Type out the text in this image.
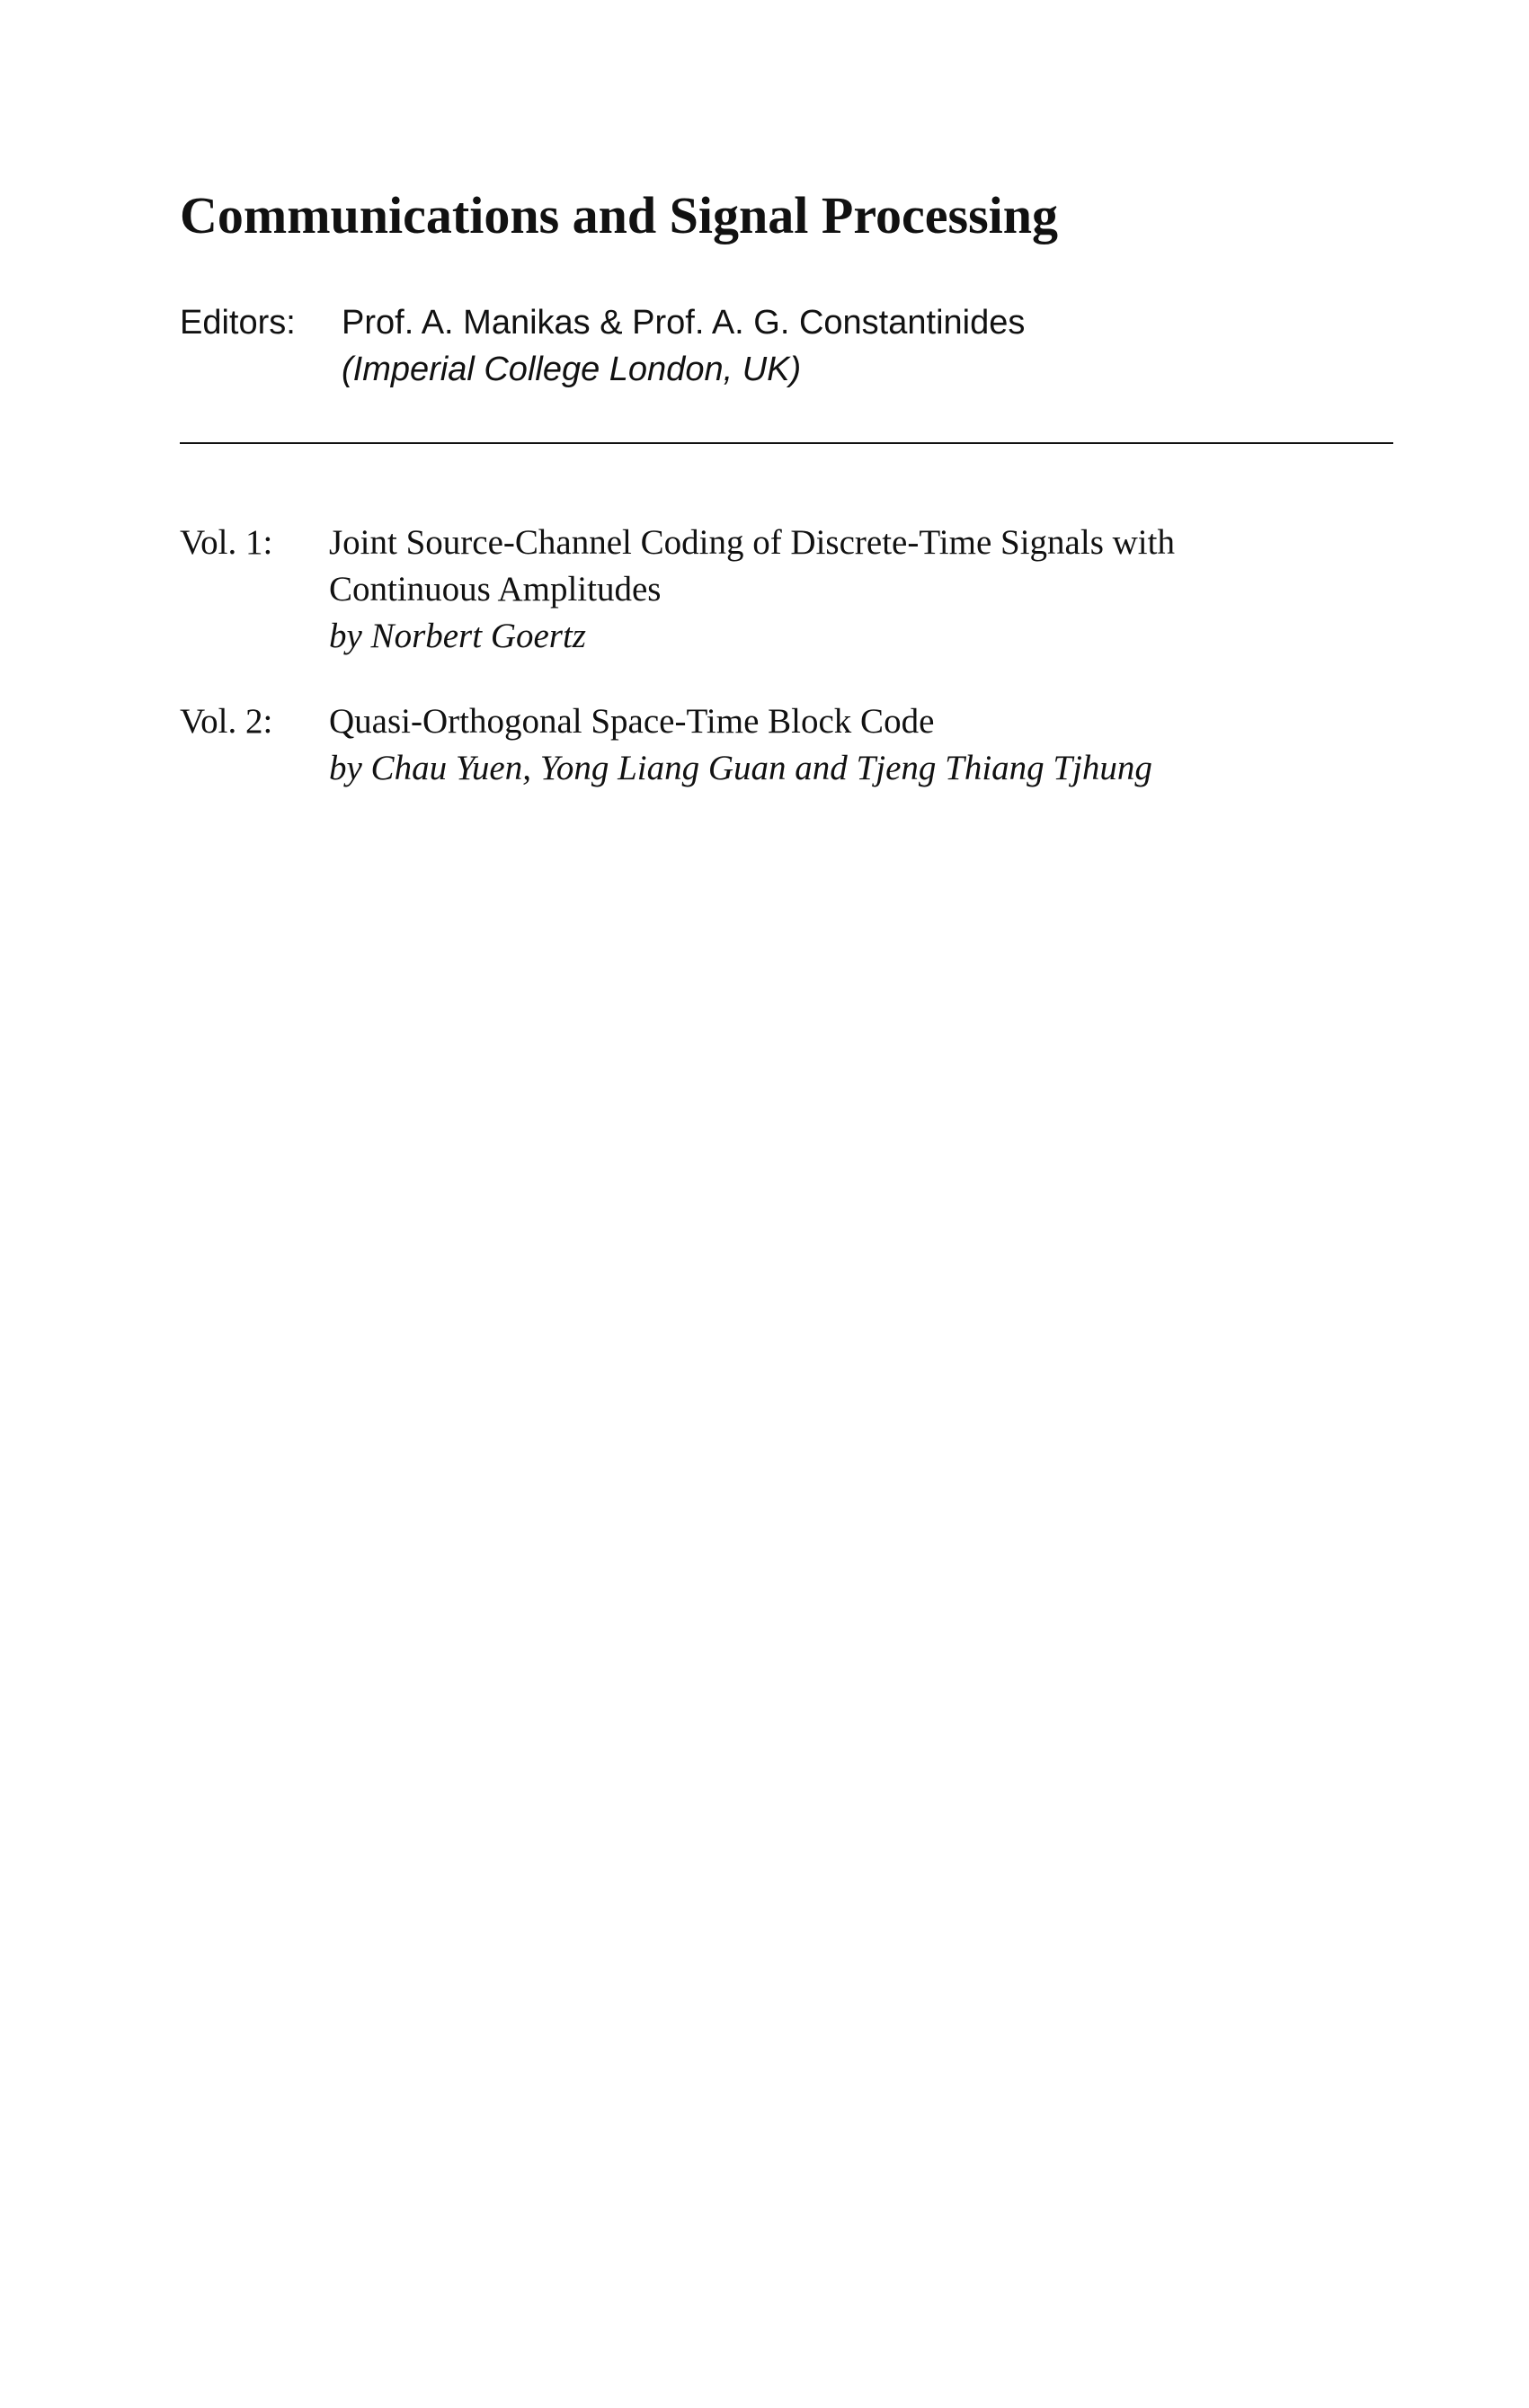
Communications and Signal Processing
Editors: Prof. A. Manikas & Prof. A. G. Constantinides
(Imperial College London, UK)
Vol. 1: Joint Source-Channel Coding of Discrete-Time Signals with
Continuous Amplitudes
by Norbert Goertz
Vol. 2: Quasi-Orthogonal Space-Time Block Code
by Chau Yuen, Yong Liang Guan and Tjeng Thiang Tjhung
